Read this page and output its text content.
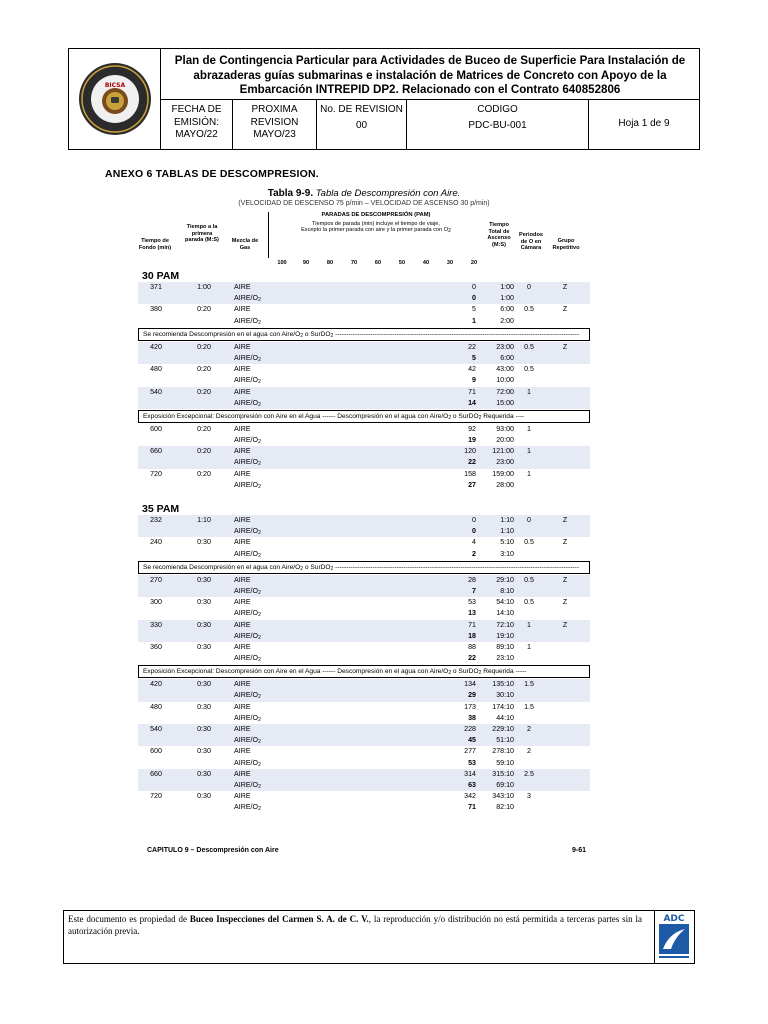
BICSA
Plan de Contingencia Particular para Actividades de Buceo de Superficie Para Instalación de
abrazaderas guías submarinas e instalación de Matrices de Concreto con Apoyo de la
Embarcación INTREPID DP2. Relacionado con el Contrato 640852806
FECHA DE
EMISIÓN:
MAYO/22
PROXIMA
REVISION
MAYO/23
No. DE REVISION
00
CODIGO
PDC-BU-001	Hoja 1 de 9
ANEXO 6 TABLAS DE DESCOMPRESION.
Tabla 9-9. Tabla de Descompresión con Aire.
(VELOCIDAD DE DESCENSO 75 p/min – VELOCIDAD DE ASCENSO 30 p/min)
Tiempo de Fondo (min)
Tiempo a la primera parada (M:S)	Mezcla de Gas
PARADAS DE DESCOMPRESIÓN (PAM)
Tiempos de parada (min) incluye el tiempo de viaje,
Excepto la primer parada con aire y la primer parada con $O_2$
100	90	80	70	60	50	40	30	20
Tiempo Total de Ascenso (M:S)
Periodos de O en Cámara
Grupo Repetitivo
30 PAM
371	1:00	AIRE	0	1:00	0	Z
AIRE/$O_2$	0	1:00
380	0:20	AIRE	5	6:00	0.5	Z
AIRE/$O_2$	1	2:00
Se recomienda Descompresión en el agua con Aire/$O_2$ o SurDO$_2$ ---------------------------------------------------------------------------------------------------------------
420	0:20	AIRE	22	23:00	0.5	Z
AIRE/$O_2$	5	6:00
480	0:20	AIRE	42	43:00	0.5
AIRE/$O_2$	9	10:00
540	0:20	AIRE	71	72:00	1
AIRE/$O_2$	14	15:00
Exposición Excepcional: Descompresión con Aire en el Agua ------ Descompresión en el agua con Aire/$O_2$ o SurDO$_2$ Requerida ----
600	0:20	AIRE	92	93:00	1
AIRE/$O_2$	19	20:00
660	0:20	AIRE	120	121:00	1
AIRE/$O_2$	22	23:00
720	0:20	AIRE	158	159:00	1
AIRE/$O_2$	27	28:00
35 PAM
232	1:10	AIRE	0	1:10	0	Z
AIRE/$O_2$	0	1:10
240	0:30	AIRE	4	5:10	0.5	Z
AIRE/$O_2$	2	3:10
Se recomienda Descompresión en el agua con Aire/$O_2$ o SurDO$_2$ ---------------------------------------------------------------------------------------------------------------
270	0:30	AIRE	28	29:10	0.5	Z
AIRE/$O_2$	7	8:10
300	0:30	AIRE	53	54:10	0.5	Z
AIRE/$O_2$	13	14:10
330	0:30	AIRE	71	72:10	1	Z
AIRE/$O_2$	18	19:10
360	0:30	AIRE	88	89:10	1
AIRE/$O_2$	22	23:10
Exposición Excepcional: Descompresión con Aire en el Agua ------ Descompresión en el agua con Aire/$O_2$ o SurDO$_2$ Requerida -----
420	0:30	AIRE	134	135:10	1.5
AIRE/$O_2$	29	30:10
480	0:30	AIRE	173	174:10	1.5
AIRE/$O_2$	38	44:10
540	0:30	AIRE	228	229:10	2
AIRE/$O_2$	45	51:10
600	0:30	AIRE	277	278:10	2
AIRE/$O_2$	53	59:10
660	0:30	AIRE	314	315:10	2.5
AIRE/$O_2$	63	69:10
720	0:30	AIRE	342	343:10	3
AIRE/$O_2$	71	82:10
CAPITULO 9 – Descompresión con Aire	9-61
Este documento es propiedad de Buceo Inspecciones del Carmen S. A. de C. V., la reproducción y/o distribución no está permitida a terceras partes sin la autorización previa.
ADC
